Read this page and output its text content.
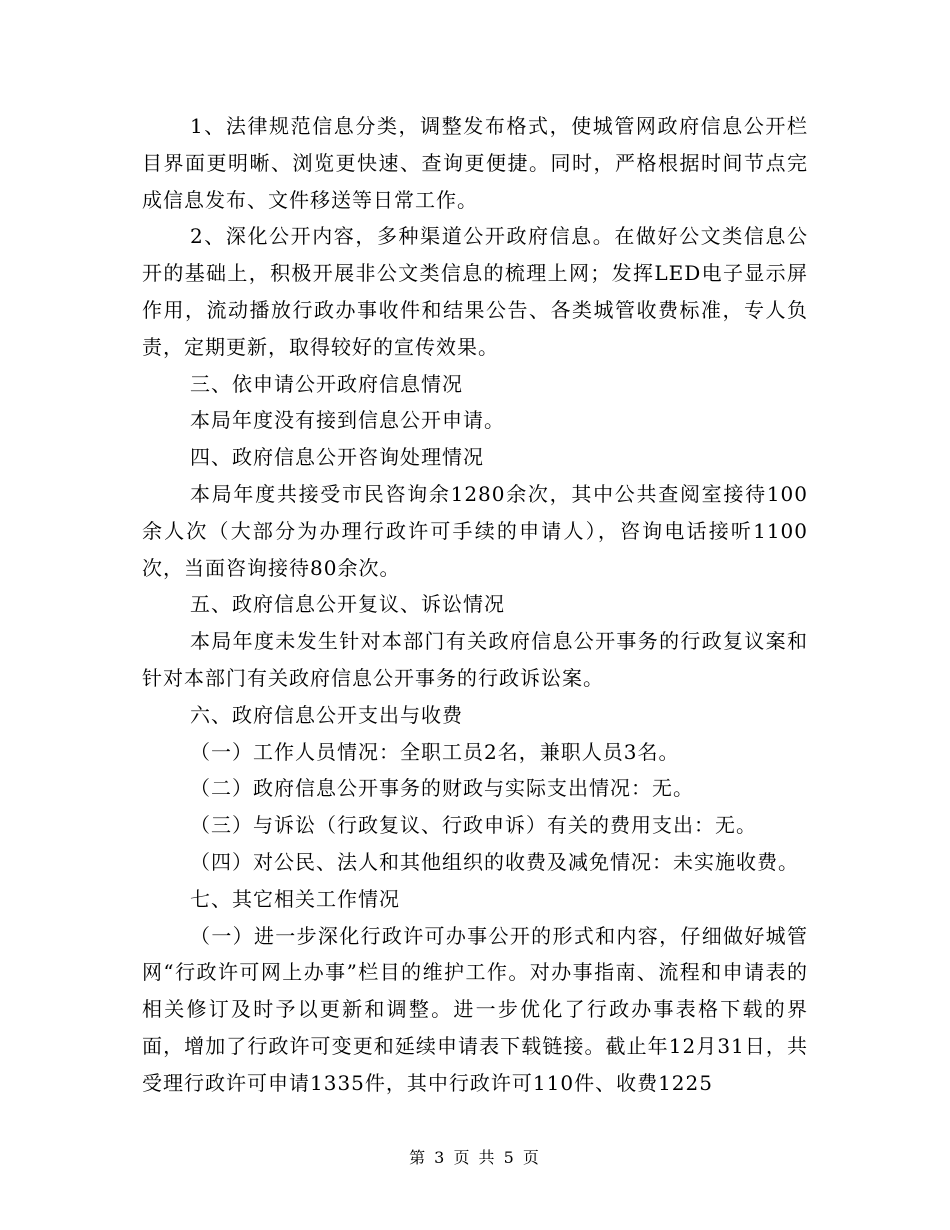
1、法律规范信息分类，调整发布格式，使城管网政府信息公开栏目界面更明晰、浏览更快速、查询更便捷。同时，严格根据时间节点完成信息发布、文件移送等日常工作。

2、深化公开内容，多种渠道公开政府信息。在做好公文类信息公开的基础上，积极开展非公文类信息的梳理上网；发挥LED电子显示屏作用，流动播放行政办事收件和结果公告、各类城管收费标准，专人负责，定期更新，取得较好的宣传效果。

三、依申请公开政府信息情况

本局年度没有接到信息公开申请。

四、政府信息公开咨询处理情况

本局年度共接受市民咨询余1280余次，其中公共查阅室接待100余人次（大部分为办理行政许可手续的申请人），咨询电话接听1100次，当面咨询接待80余次。

五、政府信息公开复议、诉讼情况

本局年度未发生针对本部门有关政府信息公开事务的行政复议案和针对本部门有关政府信息公开事务的行政诉讼案。

六、政府信息公开支出与收费

（一）工作人员情况：全职工员2名，兼职人员3名。

（二）政府信息公开事务的财政与实际支出情况：无。

（三）与诉讼（行政复议、行政申诉）有关的费用支出：无。

（四）对公民、法人和其他组织的收费及减免情况：未实施收费。

七、其它相关工作情况

（一）进一步深化行政许可办事公开的形式和内容，仔细做好城管网“行政许可网上办事”栏目的维护工作。对办事指南、流程和申请表的相关修订及时予以更新和调整。进一步优化了行政办事表格下载的界面，增加了行政许可变更和延续申请表下载链接。截止年12月31日，共受理行政许可申请1335件，其中行政许可110件、收费1225

第 3 页 共 5 页
